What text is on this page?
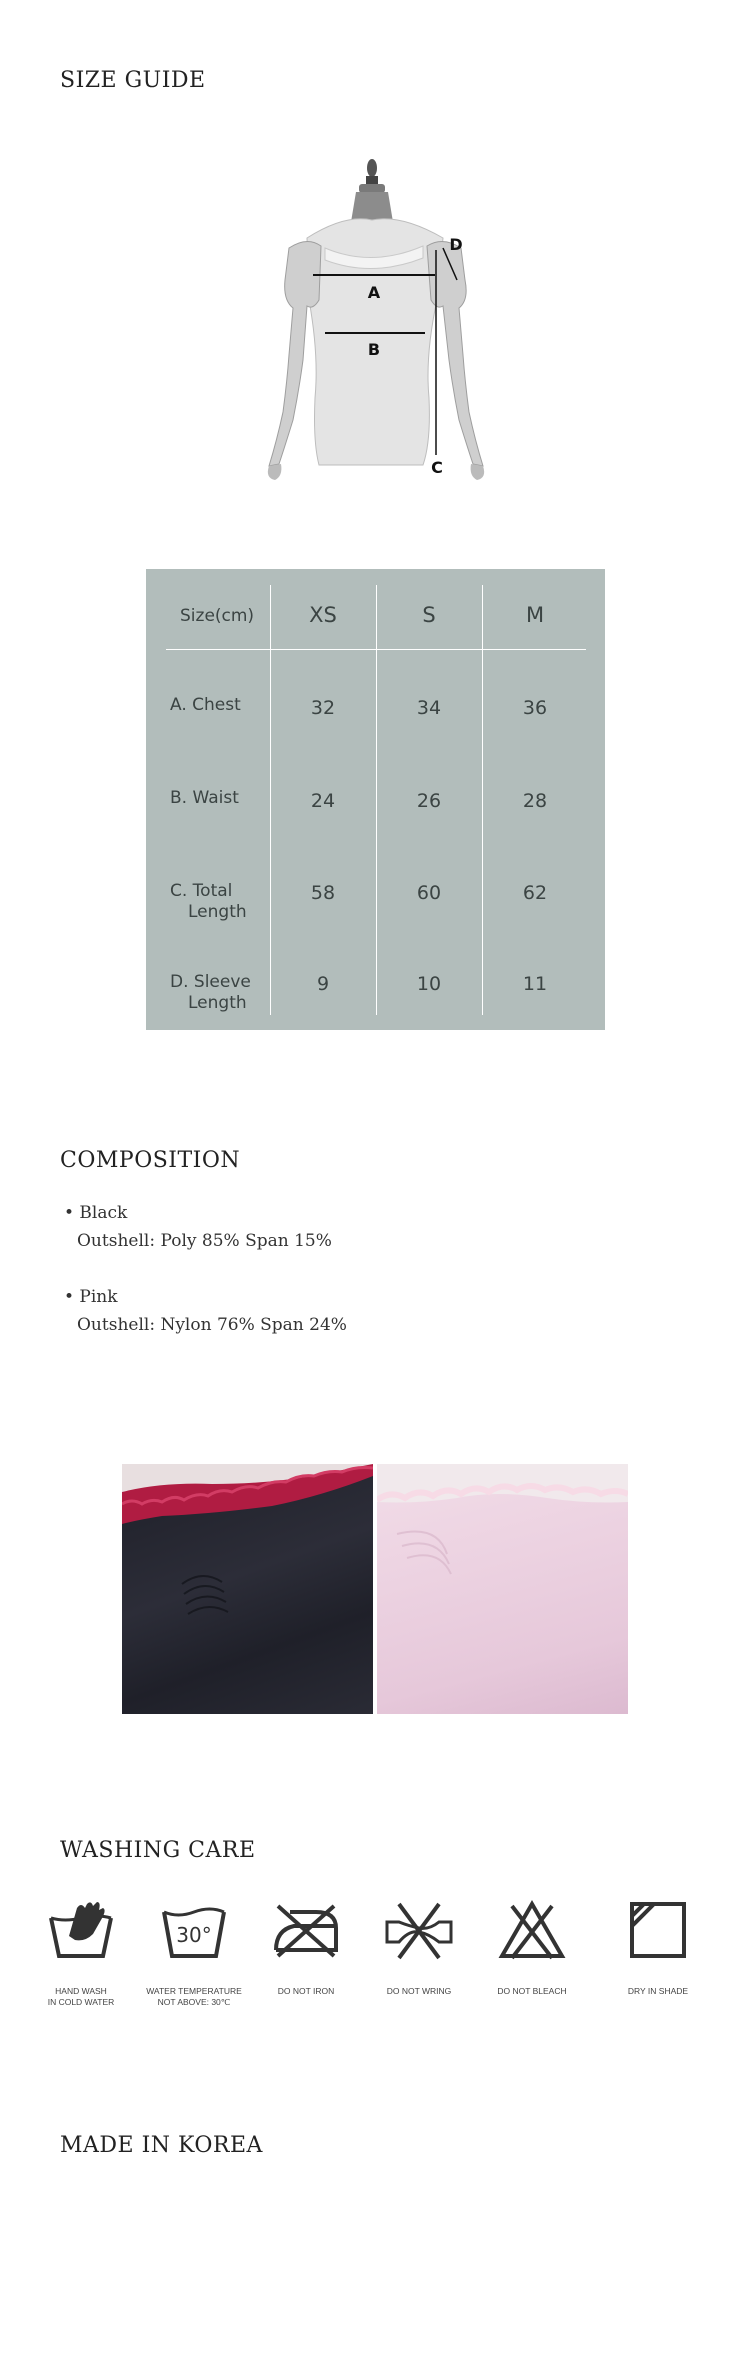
SIZE GUIDE
A
B
C
D
Size(cm)	XS	S	M
A. Chest	32	34	36
B. Waist	24	26	28
C. Total
Length
58	60	62
D. Sleeve
Length
9	10	11
COMPOSITION
• Black
Outshell: Poly 85% Span 15%
• Pink
Outshell: Nylon 76% Span 24%
WASHING CARE
HAND WASH
IN COLD WATER
30°
WATER TEMPERATURE
NOT ABOVE: 30℃
DO NOT IRON	DO NOT WRING	DO NOT BLEACH	DRY IN SHADE

MADE IN KOREA
